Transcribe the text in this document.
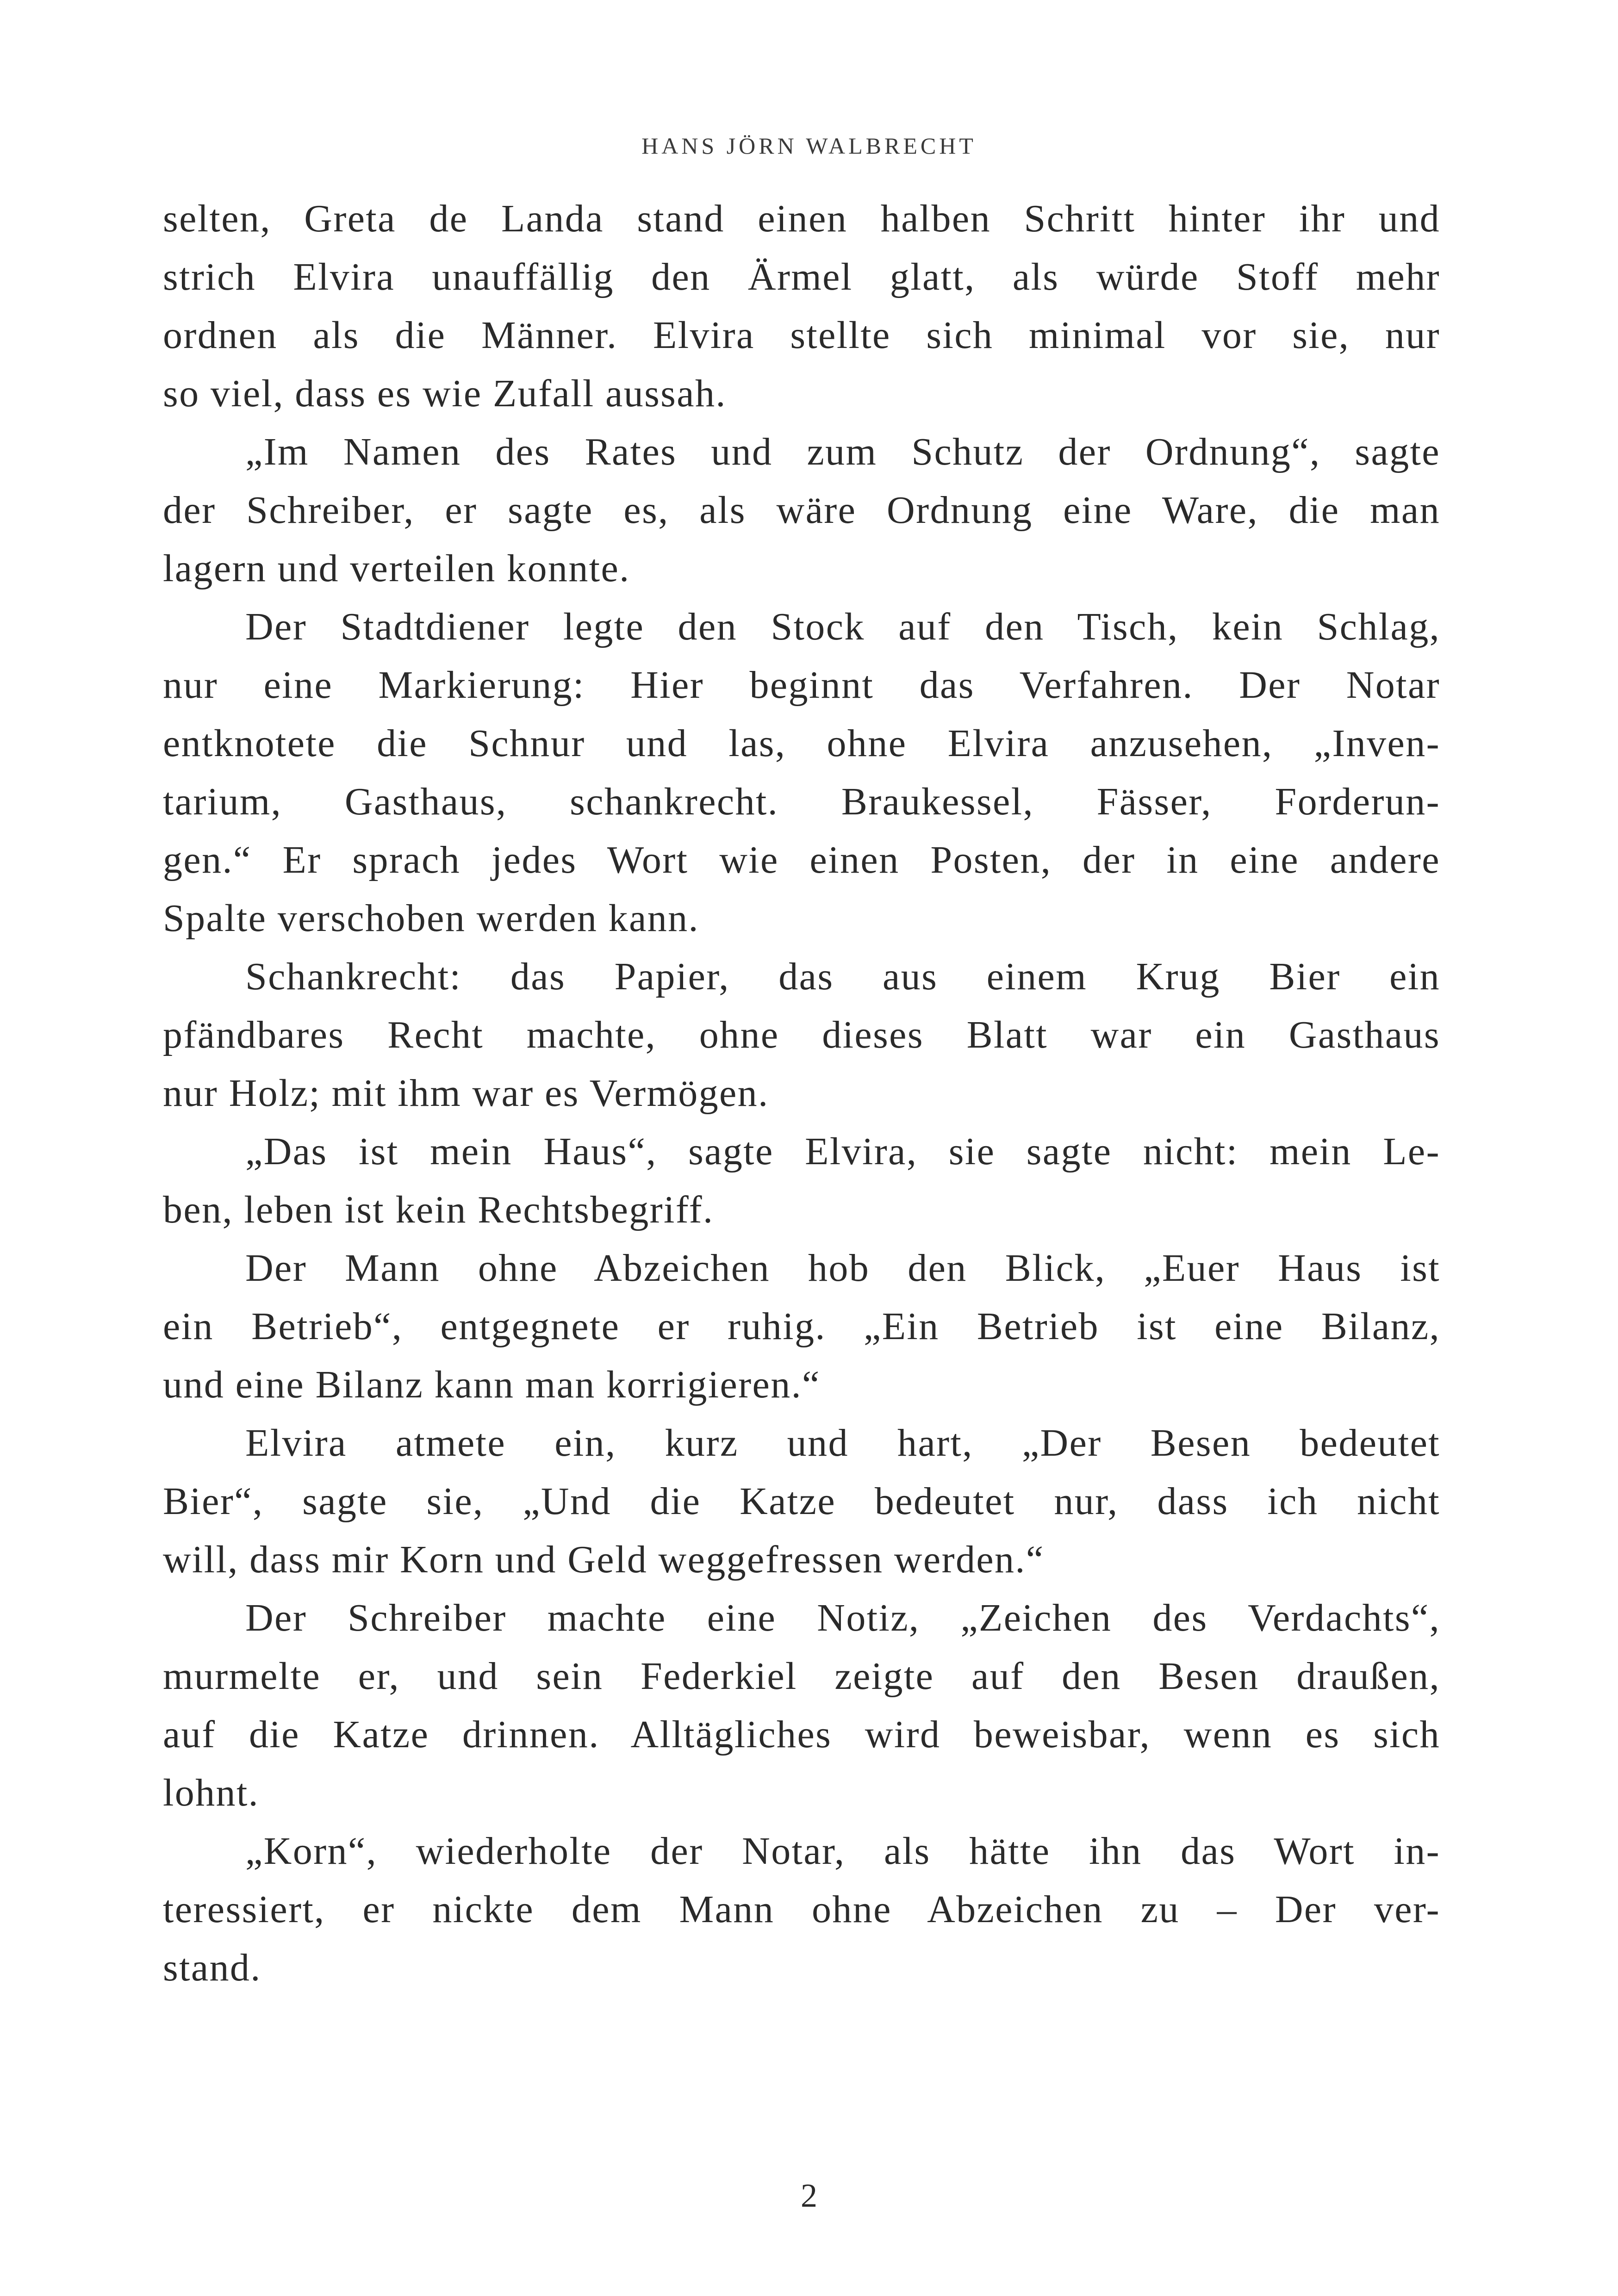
HANS JÖRN WALBRECHT
selten, Greta de Landa stand einen halben Schritt hinter ihr und
strich Elvira unauffällig den Ärmel glatt, als würde Stoff mehr
ordnen als die Männer. Elvira stellte sich minimal vor sie, nur
so viel, dass es wie Zufall aussah.
„Im Namen des Rates und zum Schutz der Ordnung“, sagte
der Schreiber, er sagte es, als wäre Ordnung eine Ware, die man
lagern und verteilen konnte.
Der Stadtdiener legte den Stock auf den Tisch, kein Schlag,
nur eine Markierung: Hier beginnt das Verfahren. Der Notar
entknotete die Schnur und las, ohne Elvira anzusehen, „Inven-
tarium, Gasthaus, schankrecht. Braukessel, Fässer, Forderun-
gen.“ Er sprach jedes Wort wie einen Posten, der in eine andere
Spalte verschoben werden kann.
Schankrecht: das Papier, das aus einem Krug Bier ein
pfändbares Recht machte, ohne dieses Blatt war ein Gasthaus
nur Holz; mit ihm war es Vermögen.
„Das ist mein Haus“, sagte Elvira, sie sagte nicht: mein Le-
ben, leben ist kein Rechtsbegriff.
Der Mann ohne Abzeichen hob den Blick, „Euer Haus ist
ein Betrieb“, entgegnete er ruhig. „Ein Betrieb ist eine Bilanz,
und eine Bilanz kann man korrigieren.“
Elvira atmete ein, kurz und hart, „Der Besen bedeutet
Bier“, sagte sie, „Und die Katze bedeutet nur, dass ich nicht
will, dass mir Korn und Geld weggefressen werden.“
Der Schreiber machte eine Notiz, „Zeichen des Verdachts“,
murmelte er, und sein Federkiel zeigte auf den Besen draußen,
auf die Katze drinnen. Alltägliches wird beweisbar, wenn es sich
lohnt.
„Korn“, wiederholte der Notar, als hätte ihn das Wort in-
teressiert, er nickte dem Mann ohne Abzeichen zu – Der ver-
stand.
2
